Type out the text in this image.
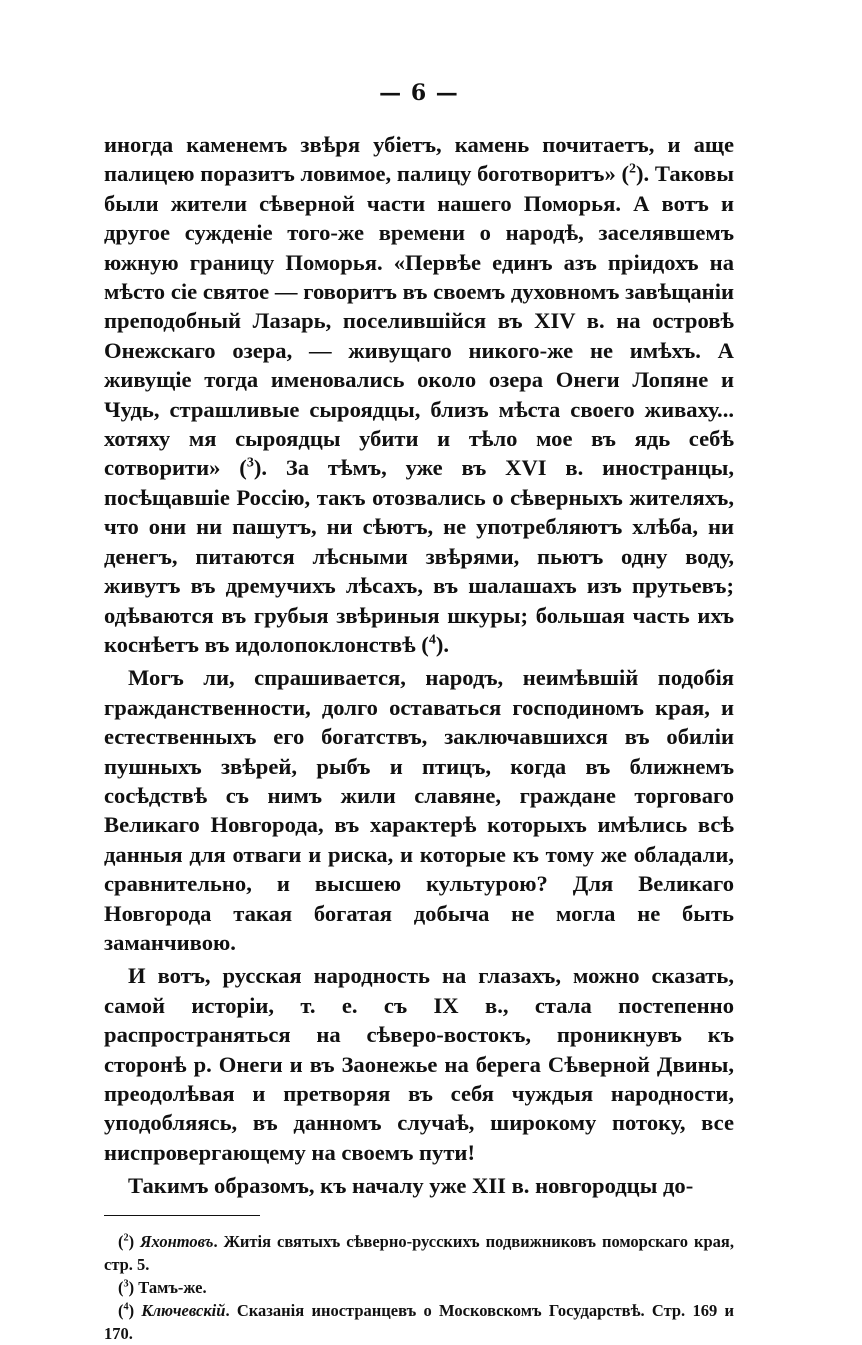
— 6 —

иногда каменемъ звѣря убіетъ, камень почитаетъ, и аще палицею поразитъ ловимое, палицу боготворитъ» ($^2$). Таковы были жители сѣверной части нашего Поморья. А вотъ и другое сужденіе того-же времени о народѣ, заселявшемъ южную границу Поморья. «Первѣе единъ азъ пріидохъ на мѣсто сіе святое — говоритъ въ своемъ духовномъ завѣщаніи преподобный Лазарь, поселившійся въ XIV в. на островѣ Онежскаго озера, — живущаго никого-же не имѣхъ. А живущіе тогда именовались около озера Онеги Лопяне и Чудь, страшливые сыроядцы, близъ мѣста своего живаху... хотяху мя сыроядцы убити и тѣло мое въ ядь себѣ сотворити» ($^3$). За тѣмъ, уже въ XVI в. иностранцы, посѣщавшіе Россію, такъ отозвались о сѣверныхъ жителяхъ, что они ни пашутъ, ни сѣютъ, не употребляютъ хлѣба, ни денегъ, питаются лѣсными звѣрями, пьютъ одну воду, живутъ въ дремучихъ лѣсахъ, въ шалашахъ изъ прутьевъ; одѣваются въ грубыя звѣриныя шкуры; большая часть ихъ коснѣетъ въ идолопоклонствѣ ($^4$).

Могъ ли, спрашивается, народъ, неимѣвшій подобія гражданственности, долго оставаться господиномъ края, и естественныхъ его богатствъ, заключавшихся въ обиліи пушныхъ звѣрей, рыбъ и птицъ, когда въ ближнемъ сосѣдствѣ съ нимъ жили славяне, граждане торговаго Великаго Новгорода, въ характерѣ которыхъ имѣлись всѣ данныя для отваги и риска, и которые къ тому же обладали, сравнительно, и высшею культурою? Для Великаго Новгорода такая богатая добыча не могла не быть заманчивою.

И вотъ, русская народность на глазахъ, можно сказать, самой исторіи, т. е. съ IX в., стала постепенно распространяться на сѣверо-востокъ, проникнувъ къ сторонѣ р. Онеги и въ Заонежье на берега Сѣверной Двины, преодолѣвая и претворяя въ себя чуждыя народности, уподобляясь, въ данномъ случаѣ, широкому потоку, все ниспровергающему на своемъ пути!

Такимъ образомъ, къ началу уже XII в. новгородцы до-

($^2$) Яхонтовъ. Житія святыхъ сѣверно-русскихъ подвижниковъ поморскаго края, стр. 5.

($^3$) Тамъ-же.

($^4$) Ключевскій. Сказанія иностранцевъ о Московскомъ Государствѣ. Стр. 169 и 170.
